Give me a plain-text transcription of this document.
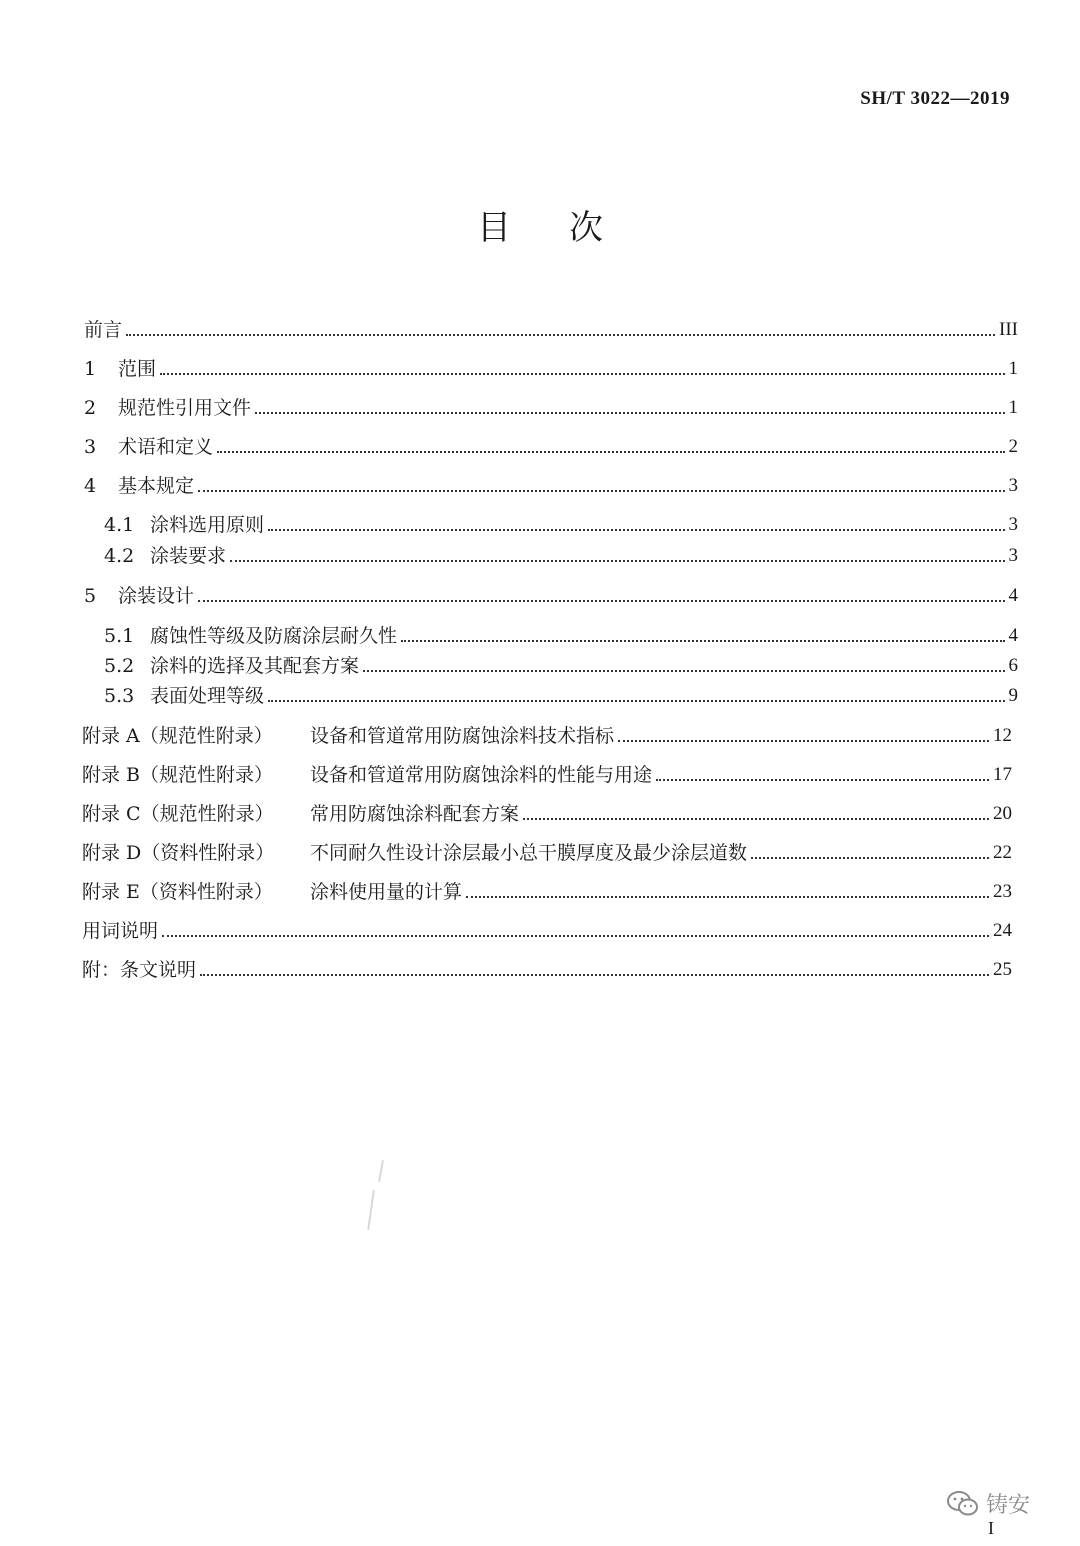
SH/T 3022—2019
目次
前言	III
1	范围	1
2	规范性引用文件	1
3	术语和定义	2
4	基本规定	3
4.1 涂料选用原则	3
4.2 涂装要求	3
5	涂装设计	4
5.1 腐蚀性等级及防腐涂层耐久性	4
5.2 涂料的选择及其配套方案	6
5.3 表面处理等级	9
附录 A（规范性附录）	设备和管道常用防腐蚀涂料技术指标	12
附录 B（规范性附录）	设备和管道常用防腐蚀涂料的性能与用途	17
附录 C（规范性附录）	常用防腐蚀涂料配套方案	20
附录 D（资料性附录）	不同耐久性设计涂层最小总干膜厚度及最少涂层道数	22
附录 E（资料性附录）	涂料使用量的计算	23
用词说明	24
附：条文说明	25
铸安
I
